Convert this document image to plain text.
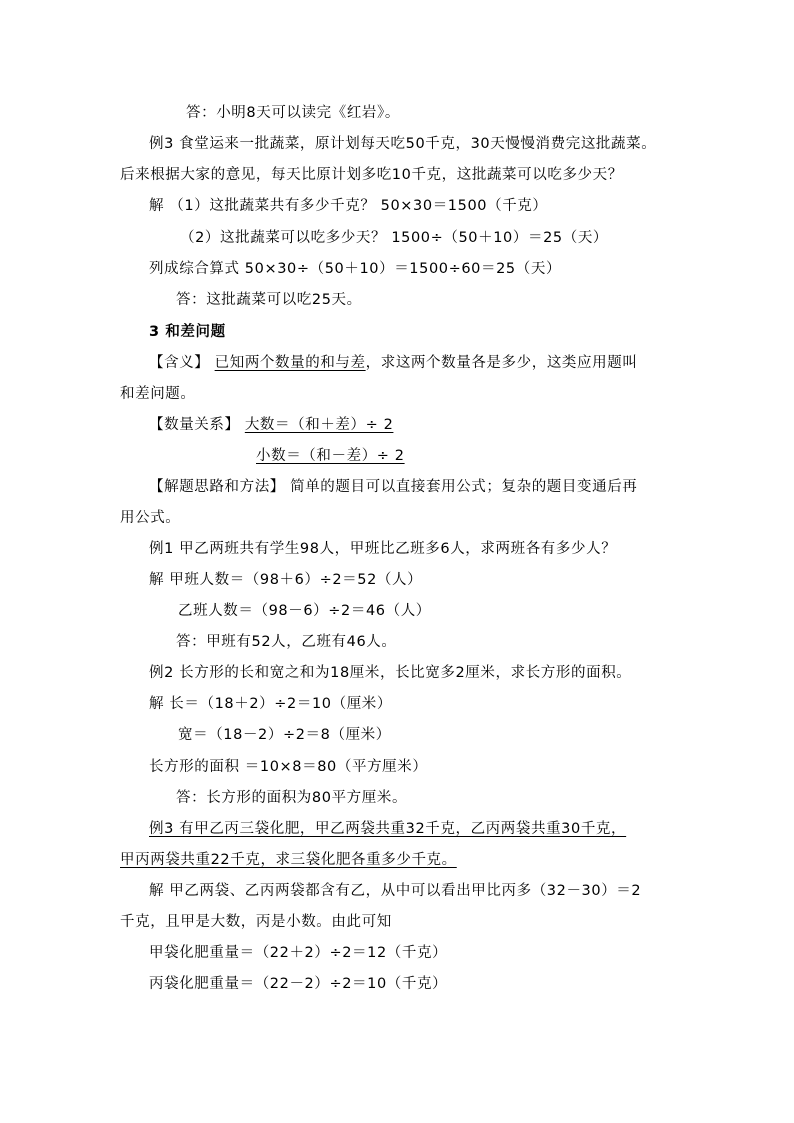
答：小明8天可以读完《红岩》。
例3 食堂运来一批蔬菜，原计划每天吃50千克，30天慢慢消费完这批蔬菜。
后来根据大家的意见，每天比原计划多吃10千克，这批蔬菜可以吃多少天？
解 （1）这批蔬菜共有多少千克？ 50×30＝1500（千克）
（2）这批蔬菜可以吃多少天？ 1500÷（50＋10）＝25（天）
列成综合算式 50×30÷（50＋10）＝1500÷60＝25（天）
答：这批蔬菜可以吃25天。
3 和差问题
【含义】 已知两个数量的和与差，求这两个数量各是多少，这类应用题叫
和差问题。
【数量关系】 大数＝（和＋差）÷ 2
小数＝（和－差）÷ 2
【解题思路和方法】 简单的题目可以直接套用公式；复杂的题目变通后再
用公式。
例1 甲乙两班共有学生98人，甲班比乙班多6人，求两班各有多少人？
解 甲班人数＝（98＋6）÷2＝52（人）
乙班人数＝（98－6）÷2＝46（人）
答：甲班有52人，乙班有46人。
例2 长方形的长和宽之和为18厘米，长比宽多2厘米，求长方形的面积。
解 长＝（18＋2）÷2＝10（厘米）
宽＝（18－2）÷2＝8（厘米）
长方形的面积 ＝10×8＝80（平方厘米）
答：长方形的面积为80平方厘米。
例3 有甲乙丙三袋化肥，甲乙两袋共重32千克，乙丙两袋共重30千克，
甲丙两袋共重22千克，求三袋化肥各重多少千克。
解 甲乙两袋、乙丙两袋都含有乙，从中可以看出甲比丙多（32－30）＝2
千克，且甲是大数，丙是小数。由此可知
甲袋化肥重量＝（22＋2）÷2＝12（千克）
丙袋化肥重量＝（22－2）÷2＝10（千克）
